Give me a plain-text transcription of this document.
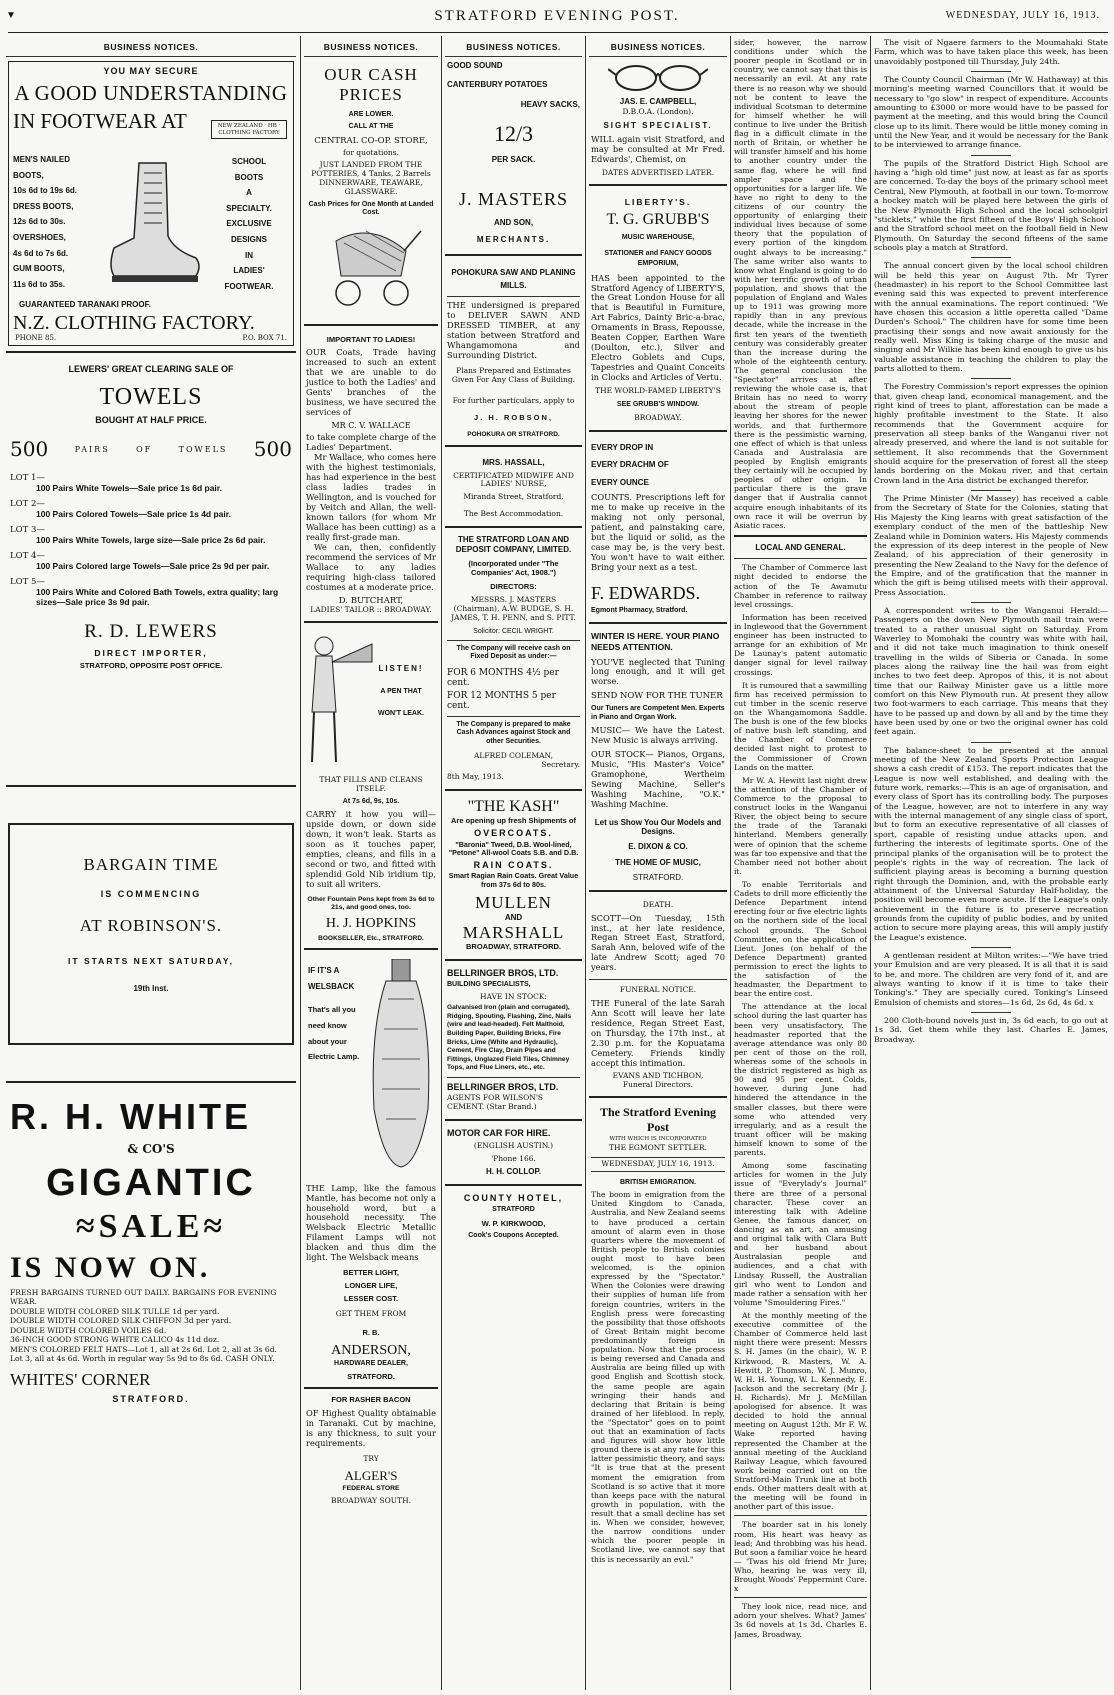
▼	STRATFORD EVENING POST.	WEDNESDAY, JULY 16, 1913.
BUSINESS NOTICES.
YOU MAY SECURE
A GOOD UNDERSTANDING
IN FOOTWEAR AT	NEW ZEALAND · HB · CLOTHING FACTORY
MEN'S NAILED
BOOTS,
10s 6d to 19s 6d.
DRESS BOOTS,
12s 6d to 30s.
OVERSHOES,
4s 6d to 7s 6d.
GUM BOOTS,
11s 6d to 35s.
SCHOOL
BOOTS
A
SPECIALTY.
EXCLUSIVE
DESIGNS
IN
LADIES'
FOOTWEAR.
GUARANTEED TARANAKI PROOF.
N.Z. CLOTHING FACTORY.
PHONE 85.	P.O. BOX 71.
LEWERS' GREAT CLEARING SALE OF
TOWELS
BOUGHT AT HALF PRICE.
500	PAIRS	OF	TOWELS 500
LOT 1—
100 Pairs White Towels—Sale price 1s 6d pair.
LOT 2—
100 Pairs Colored Towels—Sale price 1s 4d pair.
LOT 3—
100 Pairs White Towels, large size—Sale price 2s 6d pair.
LOT 4—
100 Pairs Colored large Towels—Sale price 2s 9d per pair.
LOT 5—
100 Pairs White and Colored Bath Towels, extra quality; larg sizes—Sale price 3s 9d pair.
R. D. LEWERS
DIRECT IMPORTER,
STRATFORD, OPPOSITE POST OFFICE.
BARGAIN TIME
IS COMMENCING
AT ROBINSON'S.
IT STARTS NEXT SATURDAY,
19th Inst.
R. H. WHITE
& CO'S
GIGANTIC
≈SALE≈
IS NOW ON.
FRESH BARGAINS TURNED OUT DAILY. BARGAINS FOR EVENING WEAR.
DOUBLE WIDTH COLORED SILK TULLE 1d per yard.
DOUBLE WIDTH COLORED SILK CHIFFON 3d per yard.
DOUBLE WIDTH COLORED VOILES 6d.
36-INCH GOOD STRONG WHITE CALICO 4s 11d doz.
MEN'S COLORED FELT HATS—Lot 1, all at 2s 6d. Lot 2, all at 3s 6d. Lot 3, all at 4s 6d. Worth in regular way 5s 9d to 8s 6d. CASH ONLY.
WHITES' CORNER
STRATFORD.
BUSINESS NOTICES.
OUR CASH
PRICES
ARE LOWER.
CALL AT THE
CENTRAL CO-OP. STORE,
for quotations.
JUST LANDED FROM THE POTTERIES, 4 Tanks, 2 Barrels DINNERWARE, TEAWARE, GLASSWARE.
Cash Prices for One Month at Landed Cost.
IMPORTANT TO LADIES!

OUR Coats, Trade having increased to such an extent that we are unable to do justice to both the Ladies' and Gents' branches of the business, we have secured the services of

MR C. V. WALLACE

to take complete charge of the Ladies' Department.

Mr Wallace, who comes here with the highest testimonials, has had experience in the best class ladies trades in Wellington, and is vouched for by Veitch and Allan, the well-known tailors (for whom Mr Wallace has been cutting) as a really first-grade man.

We can, then, confidently recommend the services of Mr Wallace to any ladies requiring high-class tailored costumes at a moderate price.

D. BUTCHART,
LADIES' TAILOR :: BROADWAY.
LISTEN!
A PEN THAT
WON'T LEAK.
THAT FILLS AND CLEANS ITSELF.
At 7s 6d, 9s, 10s.

CARRY it how you will—upside down, or down side down, it won't leak. Starts as soon as it touches paper, empties, cleans, and fills in a second or two, and fitted with splendid Gold Nib iridium tip, to suit all writers.

Other Fountain Pens kept from 3s 6d to 21s, and good ones, too.
H. J. HOPKINS
BOOKSELLER, Etc., STRATFORD.
IF IT'S A
WELSBACK
That's all you need know about your Electric Lamp.

THE Lamp, like the famous Mantle, has become not only a household word, but a household necessity. The Welsback Electric Metallic Filament Lamps will not blacken and thus dim the light. The Welsback means

BETTER LIGHT,
LONGER LIFE,
LESSER COST.
GET THEM FROM
R. B.
ANDERSON,
HARDWARE DEALER,
STRATFORD.
FOR RASHER BACON

OF Highest Quality obtainable in Taranaki. Cut by machine, is any thickness, to suit your requirements.

TRY
ALGER'S
FEDERAL STORE
BROADWAY SOUTH.
BUSINESS NOTICES.
GOOD SOUND
CANTERBURY POTATOES
HEAVY SACKS,
12/3
PER SACK.
J. MASTERS
AND SON,
MERCHANTS.
POHOKURA SAW AND PLANING MILLS.

THE undersigned is prepared to DELIVER SAWN AND DRESSED TIMBER, at any station between Stratford and Whangamomona and Surrounding District.

Plans Prepared and Estimates Given For Any Class of Building.
For further particulars, apply to
J. H. ROBSON,
POHOKURA OR STRATFORD.
MRS. HASSALL,
CERTIFICATED MIDWIFE AND LADIES' NURSE,
Miranda Street, Stratford,
The Best Accommodation.
THE STRATFORD LOAN AND DEPOSIT COMPANY, LIMITED.
(Incorporated under "The Companies' Act, 1908.")
DIRECTORS:
MESSRS. J. MASTERS (Chairman), A.W. BUDGE, S. H. JAMES, T. H. PENN, and S. PITT.
Solicitor: CECIL WRIGHT.
The Company will receive cash on Fixed Deposit as under:—
FOR 6 MONTHS 4½ per cent.
FOR 12 MONTHS 5 per cent.
The Company is prepared to make Cash Advances against Stock and other Securities.
ALFRED COLEMAN,
Secretary.
8th May, 1913.
"THE KASH"
Are opening up fresh Shipments of
OVERCOATS.
"Baronia" Tweed, D.B. Wool-lined, "Petone" All-wool Coats S.B. and D.B.
RAIN COATS.
Smart Ragian Rain Coats. Great Value from 37s 6d to 80s.
MULLEN
AND
MARSHALL
BROADWAY, STRATFORD.
BELLRINGER BROS, LTD.
BUILDING SPECIALISTS,
HAVE IN STOCK:
Galvanised Iron (plain and corrugated), Ridging, Spouting, Flashing, Zinc, Nails (wire and lead-headed). Felt Malthoid, Building Paper, Building Bricks, Fire Bricks, Lime (White and Hydraulic), Cement, Fire Clay, Drain Pipes and Fittings, Unglazed Field Tiles, Chimney Tops, and Flue Liners, etc., etc.
BELLRINGER BROS, LTD.
AGENTS FOR WILSON'S CEMENT. (Star Brand.)
MOTOR CAR FOR HIRE.
(ENGLISH AUSTIN.)
'Phone 166.
H. H. COLLOP.
COUNTY HOTEL,
STRATFORD
W. P. KIRKWOOD,
Cook's Coupons Accepted.
BUSINESS NOTICES.
JAS. E. CAMPBELL,
D.B.O.A. (London).
SIGHT SPECIALIST.

WILL again visit Stratford, and may be consulted at Mr Fred. Edwards', Chemist, on

DATES ADVERTISED LATER.
LIBERTY'S.
T. G. GRUBB'S
MUSIC WAREHOUSE,
STATIONER and FANCY GOODS EMPORIUM,

HAS been appointed to the Stratford Agency of LIBERTY'S, the Great London House for all that is Beautiful in Furniture, Art Fabrics, Dainty Bric-a-brac, Ornaments in Brass, Repousse, Beaten Copper, Earthen Ware (Doulton, etc.), Silver and Electro Goblets and Cups, Tapestries and Quaint Conceits in Clocks and Articles of Vertu.

THE WORLD-FAMED LIBERTY'S
SEE GRUBB'S WINDOW.
BROADWAY.
EVERY DROP IN
EVERY DRACHM OF
EVERY OUNCE

COUNTS. Prescriptions left for me to make up receive in the making not only personal, patient, and painstaking care, but the liquid or solid, as the case may be, is the very best. You won't have to wait either. Bring your next as a test.

F. EDWARDS.
Egmont Pharmacy, Stratford.
WINTER IS HERE. YOUR PIANO NEEDS ATTENTION.

YOU'VE neglected that Tuning long enough, and it will get worse.

SEND NOW FOR THE TUNER
Our Tuners are Competent Men. Experts in Piano and Organ Work.

MUSIC— We have the Latest. New Music is always arriving.

OUR STOCK— Pianos, Organs, Music, "His Master's Voice" Gramophone, Wertheim Sewing Machine, Seller's Washing Machine, "O.K." Washing Machine.

Let us Show You Our Models and Designs.
E. DIXON & CO.
THE HOME OF MUSIC,
STRATFORD.
DEATH.

SCOTT—On Tuesday, 15th inst., at her late residence, Regan Street East, Stratford, Sarah Ann, beloved wife of the late Andrew Scott; aged 70 years.

FUNERAL NOTICE.

THE Funeral of the late Sarah Ann Scott will leave her late residence, Regan Street East, on Thursday, the 17th inst., at 2.30 p.m. for the Kopuatama Cemetery. Friends kindly accept this intimation.

EVANS AND TICHBON,
Funeral Directors.
The Stratford Evening Post
WITH WHICH IS INCORPORATED
THE EGMONT SETTLER.
WEDNESDAY, JULY 16, 1913.
BRITISH EMIGRATION.

The boom in emigration from the United Kingdom to Canada, Australia, and New Zealand seems to have produced a certain amount of alarm even in those quarters where the movement of British people to British colonies ought most to have been welcomed, is the opinion expressed by the "Spectator." When the Colonies were drawing their supplies of human life from foreign countries, writers in the English press were forecasting the possibility that those offshoots of Great Britain might become predominantly foreign in population. Now that the process is being reversed and Canada and Australia are being filled up with good English and Scottish stock, the same people are again wringing their hands and declaring that Britain is being drained of her lifeblood. In reply, the "Spectator" goes on to point out that an examination of facts and figures will show how little ground there is at any rate for this latter pessimistic theory, and says: "It is true that at the present moment the emigration from Scotland is so active that it more than keeps pace with the natural growth in population, with the result that a small decline has set in. When we consider, however, the narrow conditions under which the poorer people in Scotland live, we cannot say that this is necessarily an evil."

sider, however, the narrow conditions under which the poorer people in Scotland or in country, we cannot say that this is necessarily an evil. At any rate there is no reason why we should not be content to leave the individual Scotsman to determine for himself whether he will continue to live under the British flag in a difficult climate in the north of Britain, or whether he will transfer himself and his home to another country under the same flag, where he will find ampler space and the opportunities for a larger life. We have no right to deny to the citizens of our country the opportunity of enlarging their individual lives because of some theory that the population of every portion of the kingdom ought always to be increasing." The same writer also wants to know what England is going to do with her terrific growth of urban population, and shows that the population of England and Wales up to 1911 was growing more rapidly than in any previous decade, while the increase in the first ten years of the twentieth century was considerably greater than the increase during the whole of the eighteenth century. The general conclusion the "Spectator" arrives at after reviewing the whole case is, that Britain has no need to worry about the stream of people leaving her shores for the newer worlds, and that furthermore there is the pessimistic warning, one effect of which is that unless Canada and Australasia are peopled by English emigrants they certainly will be occupied by peoples of other origin. In particular there is the grave danger that if Australia cannot acquire enough inhabitants of its own race it will be overrun by Asiatic races.

LOCAL AND GENERAL.

The Chamber of Commerce last night decided to endorse the action of the Te Awamutu Chamber in reference to railway level crossings.

Information has been received in Inglewood that the Government engineer has been instructed to arrange for an exhibition of Mr De Launay's patent automatic danger signal for level railway crossings.

It is rumoured that a sawmilling firm has received permission to cut timber in the scenic reserve on the Whangamomona Saddle. The bush is one of the few blocks of native bush left standing, and the Chamber of Commerce decided last night to protest to the Commissioner of Crown Lands on the matter.

Mr W. A. Hewitt last night drew the attention of the Chamber of Commerce to the proposal to construct locks in the Wanganui River, the object being to secure the trade of the Taranaki hinterland. Members generally were of opinion that the scheme was far too expensive and that the Chamber need not bother about it.

To enable Territorials and Cadets to drill more efficiently the Defence Department intend erecting four or five electric lights on the northern side of the local school grounds. The School Committee, on the application of Lieut. Jones (on behalf of the Defence Department) granted permission to erect the lights to the satisfaction of the headmaster, the Department to bear the entire cost.

The attendance at the local school during the last quarter has been very unsatisfactory. The headmaster reported that the average attendance was only 80 per cent of those on the roll, whereas some of the schools in the district registered as high as 90 and 95 per cent. Colds, however, during June had hindered the attendance in the smaller classes, but there were some who attended very irregularly, and as a result the truant officer will be making himself known to some of the parents.

Among some fascinating articles for women in the July issue of "Everylady's Journal" there are three of a personal character. These cover an interesting talk with Adeline Genee, the famous dancer, on dancing as an art, an amusing and original talk with Clara Butt and her husband about Australasian people and audiences, and a chat with Lindsay Russell, the Australian girl who went to London and made rather a sensation with her volume "Smouldering Fires."

At the monthly meeting of the executive committee of the Chamber of Commerce held last night there were present: Messrs S. H. James (in the chair), W. P. Kirkwood, R. Masters, W. A. Hewitt, P. Thomson, W. J. Munro, W. H. H. Young, W. L. Kennedy, E. Jackson and the secretary (Mr J. H. Richards). Mr J. McMillan apologised for absence. It was decided to hold the annual meeting on August 12th. Mr F. W. Wake reported having represented the Chamber at the annual meeting of the Auckland Railway League, which favoured work being carried out on the Stratford-Main Trunk line at both ends. Other matters dealt with at the meeting will be found in another part of this issue.

The boarder sat in his lonely room, His heart was heavy as lead; And throbbing was his head. But soon a familiar voice he heard— 'Twas his old friend Mr Jure; Who, hearing he was very ill, Brought Woods' Peppermint Cure. x

They look nice, read nice, and adorn your shelves. What? James' 3s 6d novels at 1s 3d. Charles E. James, Broadway.

The visit of Ngaere farmers to the Moumahaki State Farm, which was to have taken place this week, has been unavoidably postponed till Thursday, July 24th.

The County Council Chairman (Mr W. Hathaway) at this morning's meeting warned Councillors that it would be necessary to "go slow" in respect of expenditure. Accounts amounting to £3000 or more would have to be passed for payment at the meeting, and this would bring the Council close up to its limit. There would be little money coming in until the New Year, and it would be necessary for the Bank to be interviewed to arrange finance.

The pupils of the Stratford District High School are having a "high old time" just now, at least as far as sports are concerned. To-day the boys of the primary school meet Central, New Plymouth, at football in our town. To-morrow a hockey match will be played here between the girls of the New Plymouth High School and the local schoolgirl "sticklets," while the first fifteen of the Boys' High School and the Stratford school meet on the football field in New Plymouth. On Saturday the second fifteens of the same schools play a match at Stratford.

The annual concert given by the local school children will be held this year on August 7th. Mr Tyrer (headmaster) in his report to the School Committee last evening said this was expected to prevent interference with the annual examinations. The report continued: "We have chosen this occasion a little operetta called "Dame Durden's School." The children have for some time been practising their songs and now await anxiously for the really well. Miss King is taking charge of the music and singing and Mr Wilkie has been kind enough to give us his valuable assistance in teaching the children to play the parts allotted to them.

The Forestry Commission's report expresses the opinion that, given cheap land, economical management, and the right kind of trees to plant, afforestation can be made a highly profitable investment to the State. It also recommends that the Government acquire for preservation all steep banks of the Wanganui river not already preserved, and where the land is not suitable for settlement. It also recommends that the Government should acquire for the preservation of forest all the steep lands bordering on the Mokau river, and that certain Crown land in the Aria district be exchanged therefor.

The Prime Minister (Mr Massey) has received a cable from the Secretary of State for the Colonies, stating that His Majesty the King learns with great satisfaction of the exemplary conduct of the men of the battleship New Zealand while in Dominion waters. His Majesty commends the expression of its deep interest in the people of New Zealand, of his appreciation of their generosity in presenting the New Zealand to the Navy for the defence of the Empire, and of the gratification that the manner in which the gift is being utilised meets with their approval. Press Association.

A correspondent writes to the Wanganui Herald:—Passengers on the down New Plymouth mail train were treated to a rather unusual sight on Saturday. From Waverley to Momohaki the country was white with hail, and it did not take much imagination to think oneself travelling in the wilds of Siberia or Canada. In some places along the railway line the hail was from eight inches to two feet deep. Apropos of this, it is not about time that our Railway Minister gave us a little more comfort on this New Plymouth run. At present they allow two foot-warmers to each carriage. This means that they have to be passed up and down by all and by the time they have been used by one or two the original owner has cold feet again.

The balance-sheet to be presented at the annual meeting of the New Zealand Sports Protection League shows a cash credit of £153. The report indicates that the League is now well established, and dealing with the future work, remarks:—This is an age of organisation, and every class of Sport has its controlling body. The purposes of the League, however, are not to interfere in any way with the internal management of any single class of sport, but to form an executive representative of all classes of sport, capable of resisting undue attacks upon, and furthering the interests of legitimate sports. One of the principal planks of the organisation will be to protect the people's rights in the way of recreation. The lack of sufficient playing areas is becoming a burning question right through the Dominion, and, with the probable early attainment of the Universal Saturday Half-holiday, the position will become even more acute. If the League's only achievement in the future is to preserve recreation grounds from the cupidity of public bodies, and by united action to secure more playing areas, this will amply justify the League's existence.

A gentleman resident at Milton writes:—"We have tried your Emulsion and are very pleased. It is all that it is said to be, and more. The children are very fond of it, and are always wanting to know if it is time to take their Tonking's." They are specially cured. Tonking's Linseed Emulsion of chemists and stores—1s 6d, 2s 6d, 4s 6d. x

200 Cloth-bound novels just in, 3s 6d each, to go out at 1s 3d. Get them while they last. Charles E. James, Broadway.
